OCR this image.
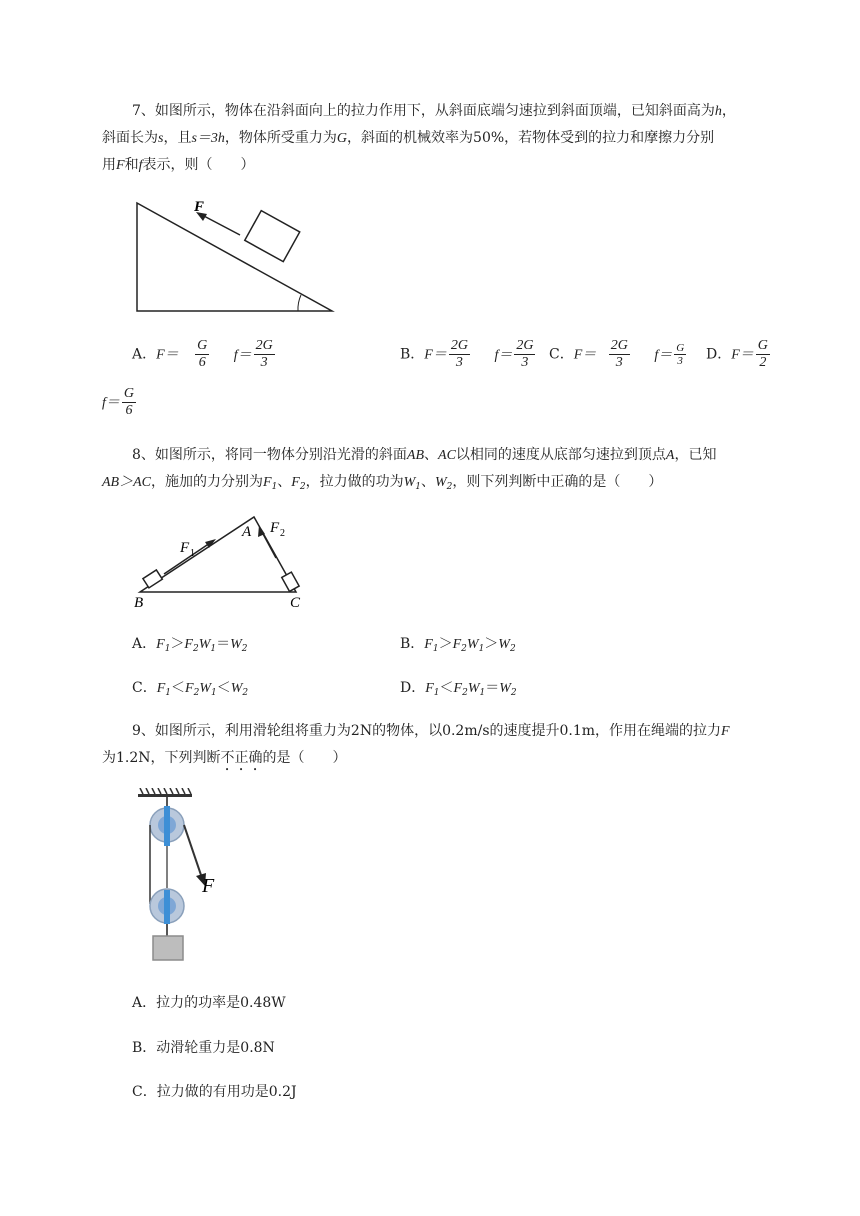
7、如图所示，物体在沿斜面向上的拉力作用下，从斜面底端匀速拉到斜面顶端，已知斜面高为h，
斜面长为s，且s＝3h，物体所受重力为G，斜面的机械效率为50%，若物体受到的拉力和摩擦力分别
用F和f表示，则（　　）
F
A．$F= \frac{G}{6} f= \frac{2G}{3}$	B．$F= \frac{2G}{3} f= \frac{2G}{3}$ C．$F= \frac{2G}{3} f= \frac{G}{3}$ D．$F= \frac{G}{2}$
$f= \frac{G}{6}$
8、如图所示，将同一物体分别沿光滑的斜面AB、AC以相同的速度从底部匀速拉到顶点A，已知
AB＞AC，施加的力分别为$F_1$、$F_2$，拉力做的功为$W_1$、$W_2$，则下列判断中正确的是（　　）
F 1
F 2
A
B	C
A．$F_1>F_2W_1=W_2$	B．$F_1>F_2W_1>W_2$
C．$F_1<F_2W_1<W_2$	D．$F_1<F_2W_1=W_2$
9、如图所示，利用滑轮组将重力为2N的物体，以0.2m/s的速度提升0.1m，作用在绳端的拉力F
为1.2N，下列判断不正确的是（　　）
F
A．拉力的功率是0.48W
B．动滑轮重力是0.8N
C．拉力做的有用功是0.2J
